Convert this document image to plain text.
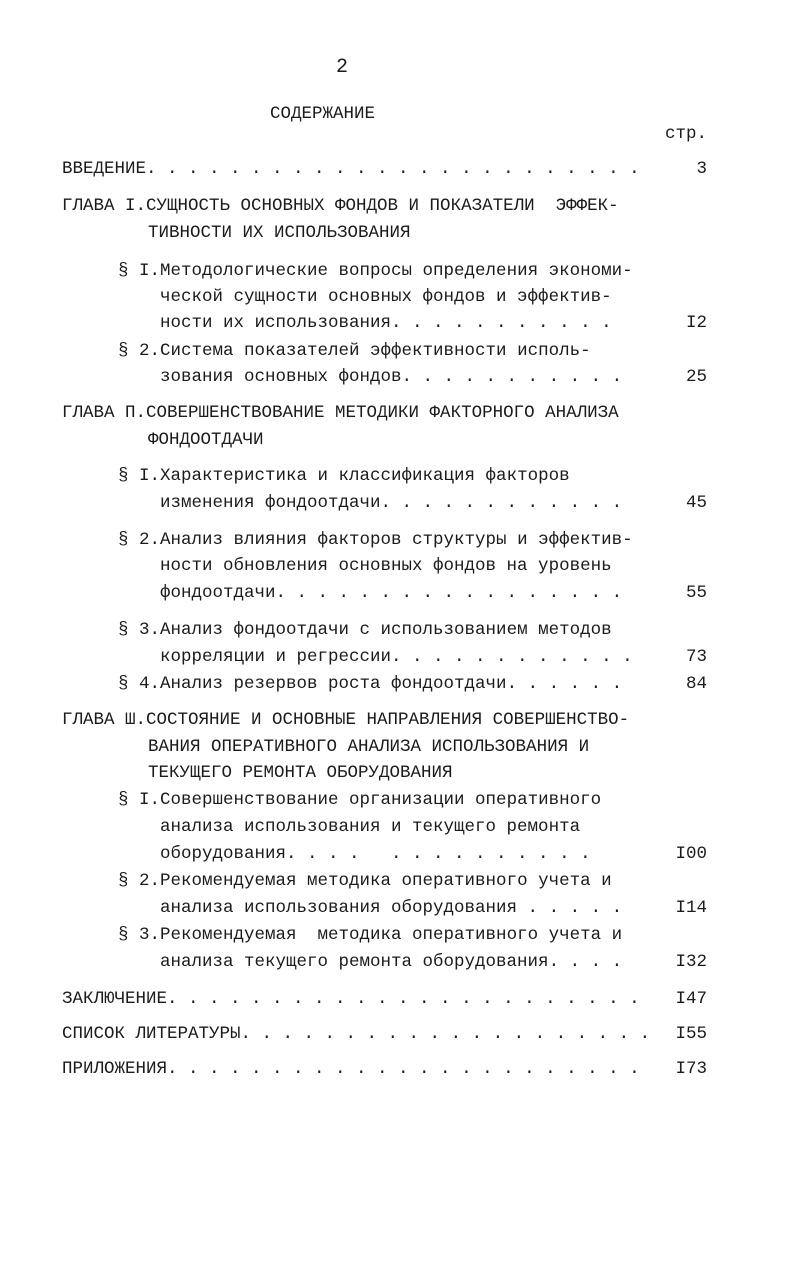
2
СОДЕРЖАНИЕ
стр.
ВВЕДЕНИЕ. . . . . . . . . . . . . . . . . . . . . . . .	3
ГЛАВА I.СУЩНОСТЬ ОСНОВНЫХ ФОНДОВ И ПОКАЗАТЕЛИ  ЭФФЕК-
ТИВНОСТИ ИХ ИСПОЛЬЗОВАНИЯ
§ I.Методологические вопросы определения экономи-
ческой сущности основных фондов и эффектив-
ности их использования. . . . . . . . . . .	I2
§ 2.Система показателей эффективности исполь-
зования основных фондов. . . . . . . . . . .	25
ГЛАВА П.СОВЕРШЕНСТВОВАНИЕ МЕТОДИКИ ФАКТОРНОГО АНАЛИЗА
ФОНДООТДАЧИ
§ I.Характеристика и классификация факторов
изменения фондоотдачи. . . . . . . . . . . .	45
§ 2.Анализ влияния факторов структуры и эффектив-
ности обновления основных фондов на уровень
фондоотдачи. . . . . . . . . . . . . . . . .	55
§ 3.Анализ фондоотдачи с использованием методов
корреляции и регрессии. . . . . . . . . . . .	73
§ 4.Анализ резервов роста фондоотдачи. . . . . .	84
ГЛАВА Ш.СОСТОЯНИЕ И ОСНОВНЫЕ НАПРАВЛЕНИЯ СОВЕРШЕНСТВО-
ВАНИЯ ОПЕРАТИВНОГО АНАЛИЗА ИСПОЛЬЗОВАНИЯ И
ТЕКУЩЕГО РЕМОНТА ОБОРУДОВАНИЯ
§ I.Совершенствование организации оперативного
анализа использования и текущего ремонта
оборудования. . . .   . . . . . . . . . .	I00
§ 2.Рекомендуемая методика оперативного учета и
анализа использования оборудования . . . . .	I14
§ 3.Рекомендуемая  методика оперативного учета и
анализа текущего ремонта оборудования. . . .	I32
ЗАКЛЮЧЕНИЕ. . . . . . . . . . . . . . . . . . . . . . . I47
СПИСОК ЛИТЕРАТУРЫ. . . . . . . . . . . . . . . . . . . . I55
ПРИЛОЖЕНИЯ. . . . . . . . . . . . . . . . . . . . . . . I73
